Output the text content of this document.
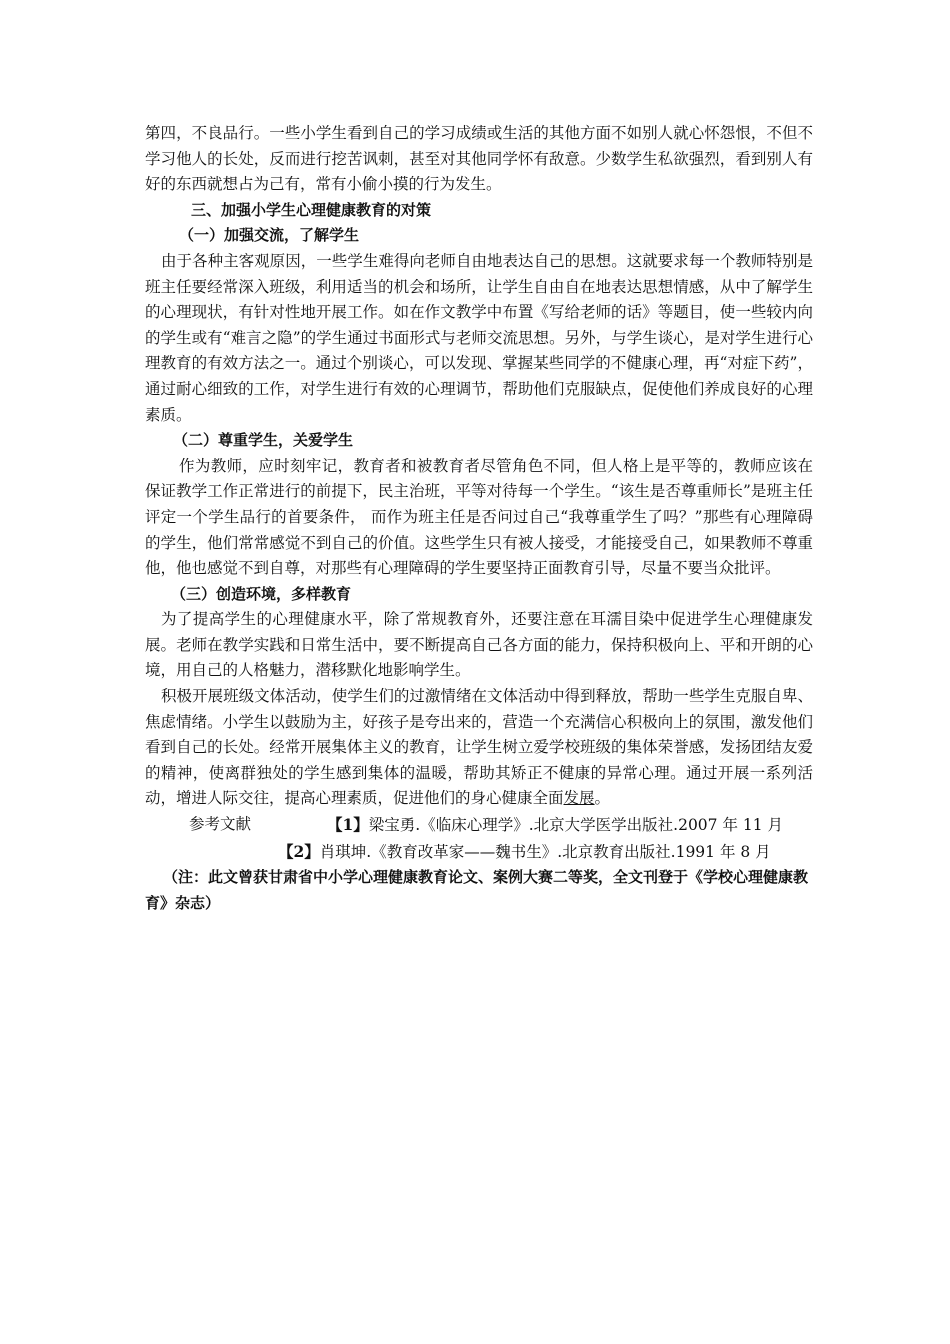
第四，不良品行。一些小学生看到自己的学习成绩或生活的其他方面不如别人就心怀怨恨，不但不学习他人的长处，反而进行挖苦讽刺，甚至对其他同学怀有敌意。少数学生私欲强烈，看到别人有好的东西就想占为己有，常有小偷小摸的行为发生。

三、加强小学生心理健康教育的对策

（一）加强交流，了解学生

由于各种主客观原因，一些学生难得向老师自由地表达自己的思想。这就要求每一个教师特别是班主任要经常深入班级，利用适当的机会和场所，让学生自由自在地表达思想情感，从中了解学生的心理现状，有针对性地开展工作。如在作文教学中布置《写给老师的话》等题目，使一些较内向的学生或有“难言之隐”的学生通过书面形式与老师交流思想。另外，与学生谈心，是对学生进行心理教育的有效方法之一。通过个别谈心，可以发现、掌握某些同学的不健康心理，再“对症下药”，通过耐心细致的工作，对学生进行有效的心理调节，帮助他们克服缺点，促使他们养成良好的心理素质。

（二）尊重学生，关爱学生

作为教师，应时刻牢记，教育者和被教育者尽管角色不同，但人格上是平等的，教师应该在保证教学工作正常进行的前提下，民主治班，平等对待每一个学生。“该生是否尊重师长”是班主任评定一个学生品行的首要条件， 而作为班主任是否问过自己“我尊重学生了吗？”那些有心理障碍的学生，他们常常感觉不到自己的价值。这些学生只有被人接受，才能接受自己，如果教师不尊重他，他也感觉不到自尊，对那些有心理障碍的学生要坚持正面教育引导，尽量不要当众批评。

（三）创造环境，多样教育

为了提高学生的心理健康水平，除了常规教育外，还要注意在耳濡目染中促进学生心理健康发展。老师在教学实践和日常生活中，要不断提高自己各方面的能力，保持积极向上、平和开朗的心境，用自己的人格魅力，潜移默化地影响学生。

积极开展班级文体活动，使学生们的过激情绪在文体活动中得到释放，帮助一些学生克服自卑、焦虑情绪。小学生以鼓励为主，好孩子是夸出来的，营造一个充满信心积极向上的氛围，激发他们看到自己的长处。经常开展集体主义的教育，让学生树立爱学校班级的集体荣誉感，发扬团结友爱的精神，使离群独处的学生感到集体的温暖，帮助其矫正不健康的异常心理。通过开展一系列活动，增进人际交往，提高心理素质，促进他们的身心健康全面发展。

参考文献	【1】梁宝勇.《临床心理学》.北京大学医学出版社.2007 年 11 月
【2】肖琪坤.《教育改革家——魏书生》.北京教育出版社.1991 年 8 月

（注：此文曾获甘肃省中小学心理健康教育论文、案例大赛二等奖，全文刊登于《学校心理健康教育》杂志）
